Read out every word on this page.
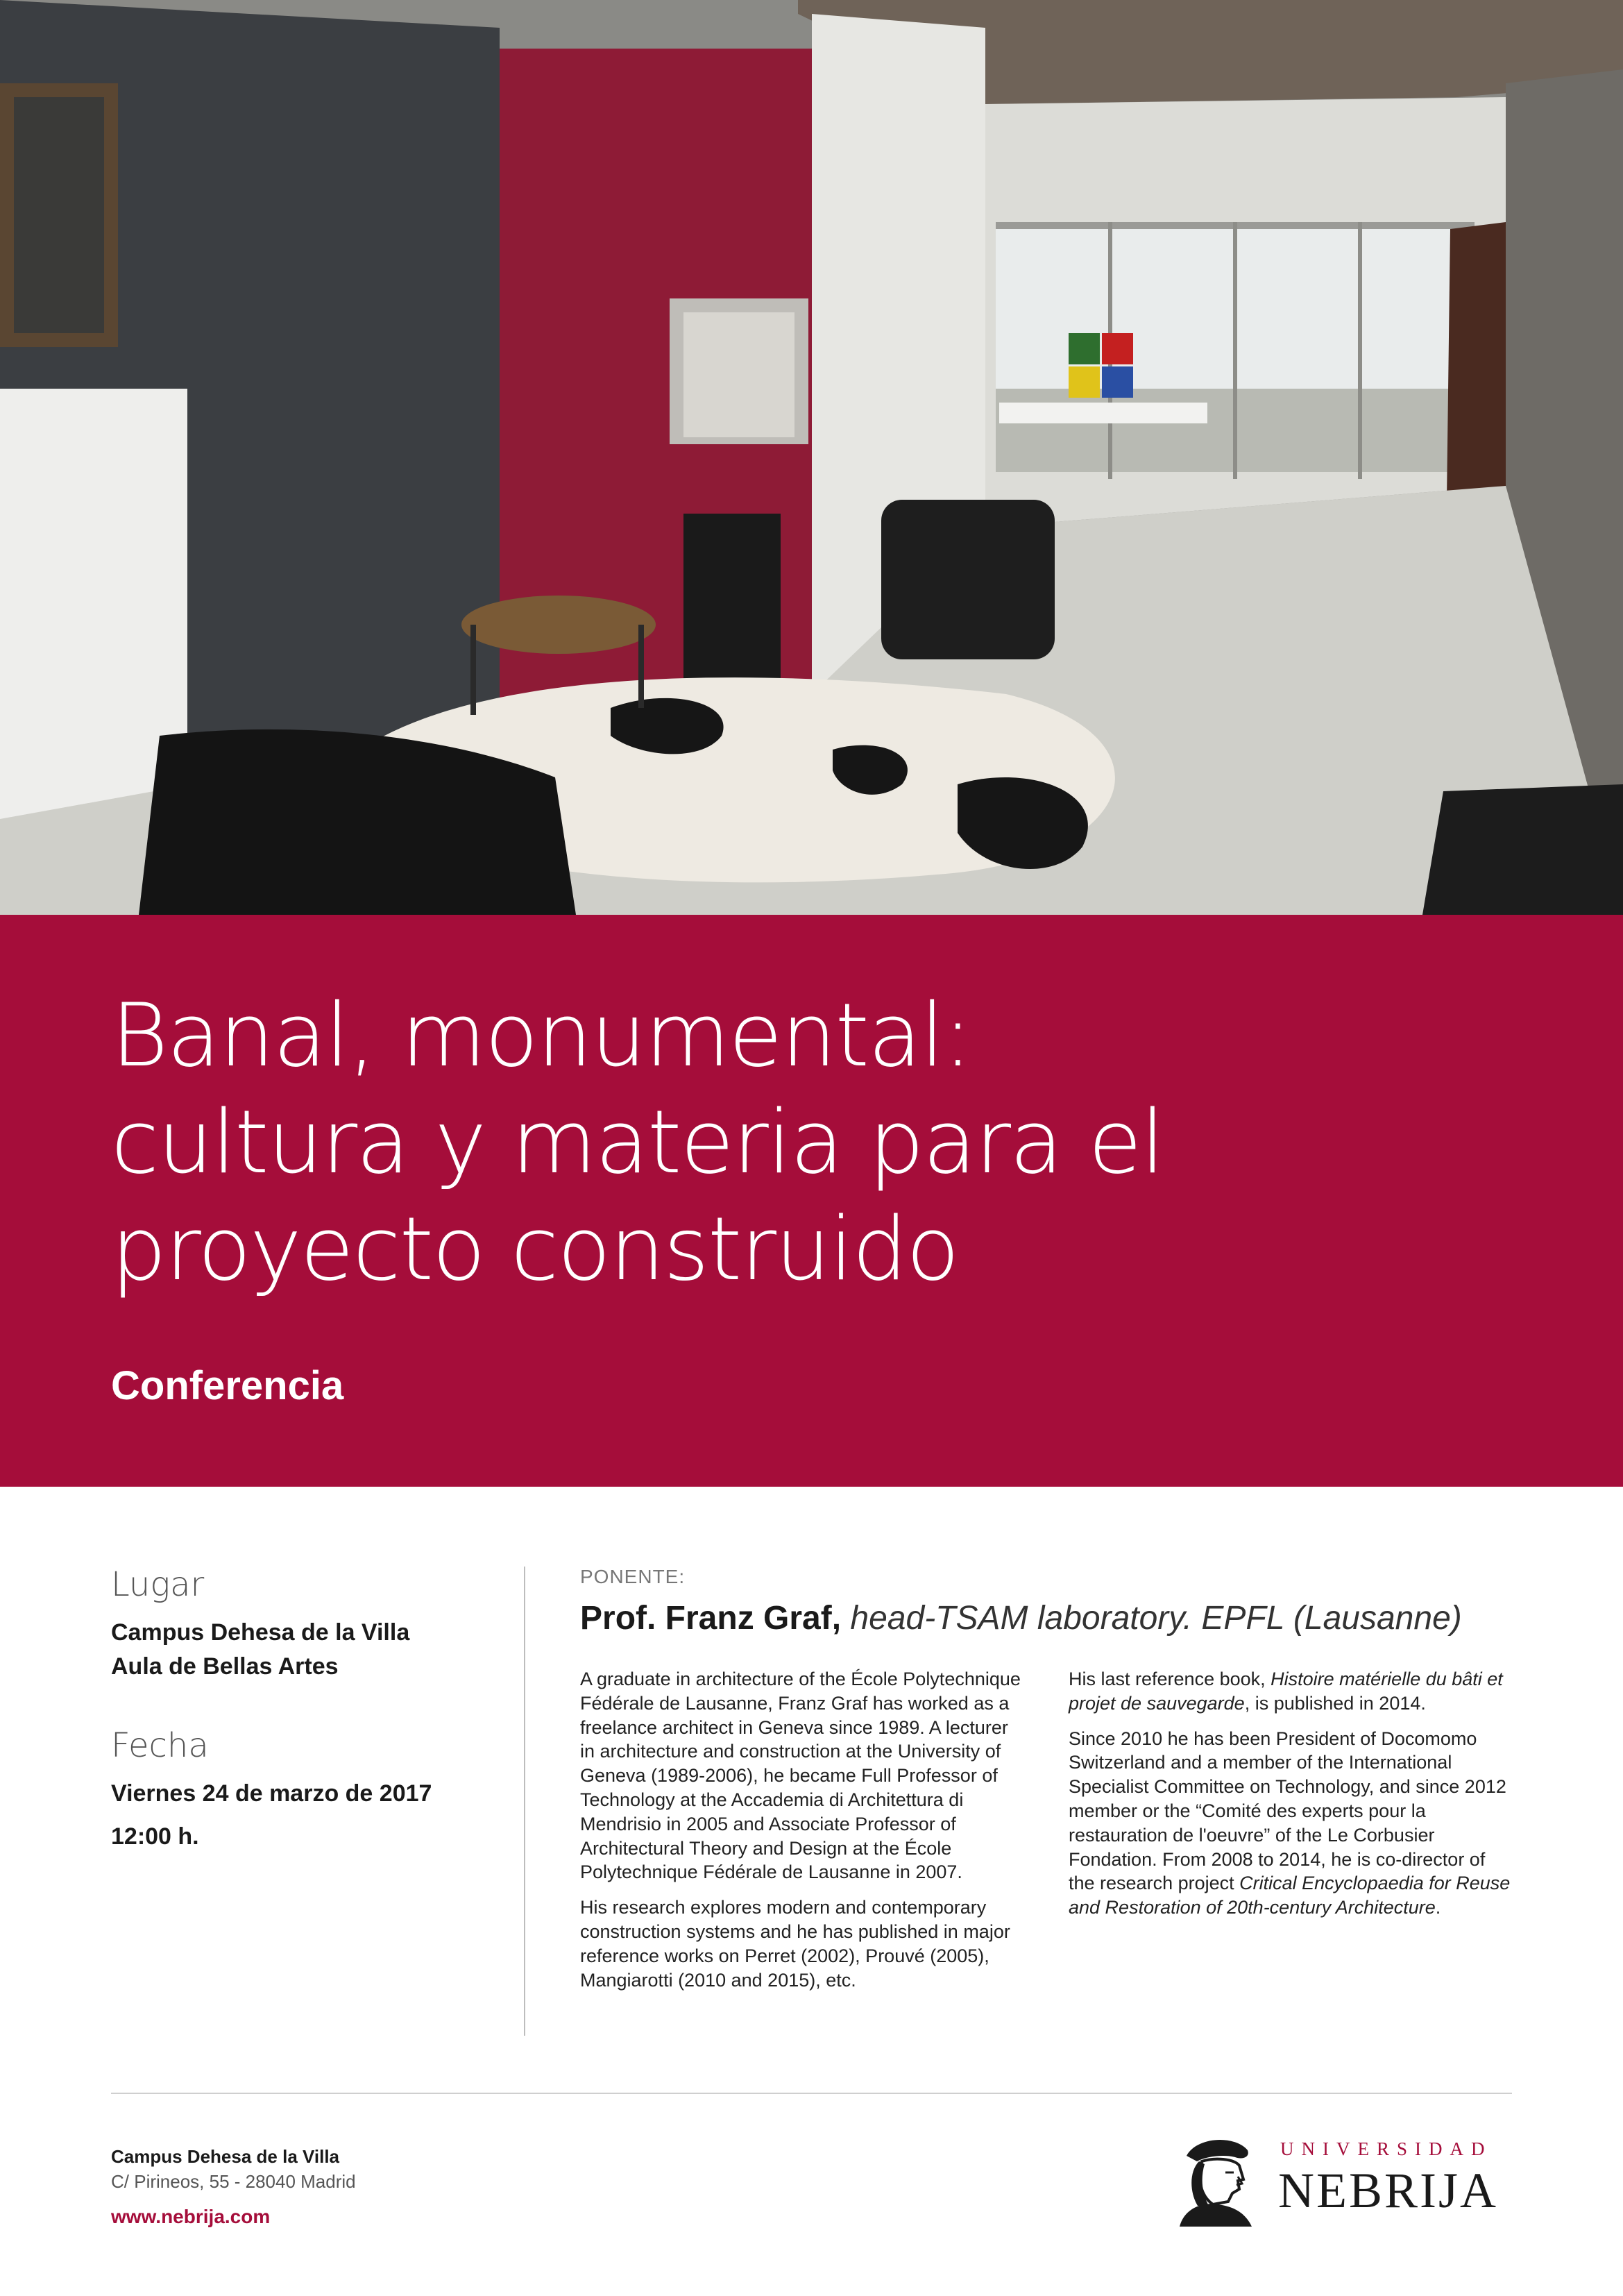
Banal, monumental:
cultura y materia para el
proyecto construido
Conferencia
Lugar
Campus Dehesa de la Villa
Aula de Bellas Artes
Fecha
Viernes 24 de marzo de 2017
12:00 h.
PONENTE:
Prof. Franz Graf, head-TSAM laboratory. EPFL (Lausanne)

A graduate in architecture of the École Polytechnique Fédérale de Lausanne, Franz Graf has worked as a freelance architect in Geneva since 1989. A lecturer in architecture and construction at the University of Geneva (1989-2006), he became Full Professor of Technology at the Accademia di Architettura di Mendrisio in 2005 and Associate Professor of Architectural Theory and Design at the École Polytechnique Fédérale de Lausanne in 2007.

His research explores modern and contemporary construction systems and he has published in major reference works on Perret (2002), Prouvé (2005), Mangiarotti (2010 and 2015), etc.

His last reference book, Histoire matérielle du bâti et projet de sauvegarde, is published in 2014.

Since 2010 he has been President of Docomomo Switzerland and a member of the International Specialist Committee on Technology, and since 2012 member or the “Comité des experts pour la restauration de l'oeuvre” of the Le Corbusier Fondation. From 2008 to 2014, he is co-director of the research project Critical Encyclopaedia for Reuse and Restoration of 20th-century Architecture.

Campus Dehesa de la Villa
C/ Pirineos, 55 - 28040 Madrid
www.nebrija.com
UNIVERSIDAD
NEBRIJA
